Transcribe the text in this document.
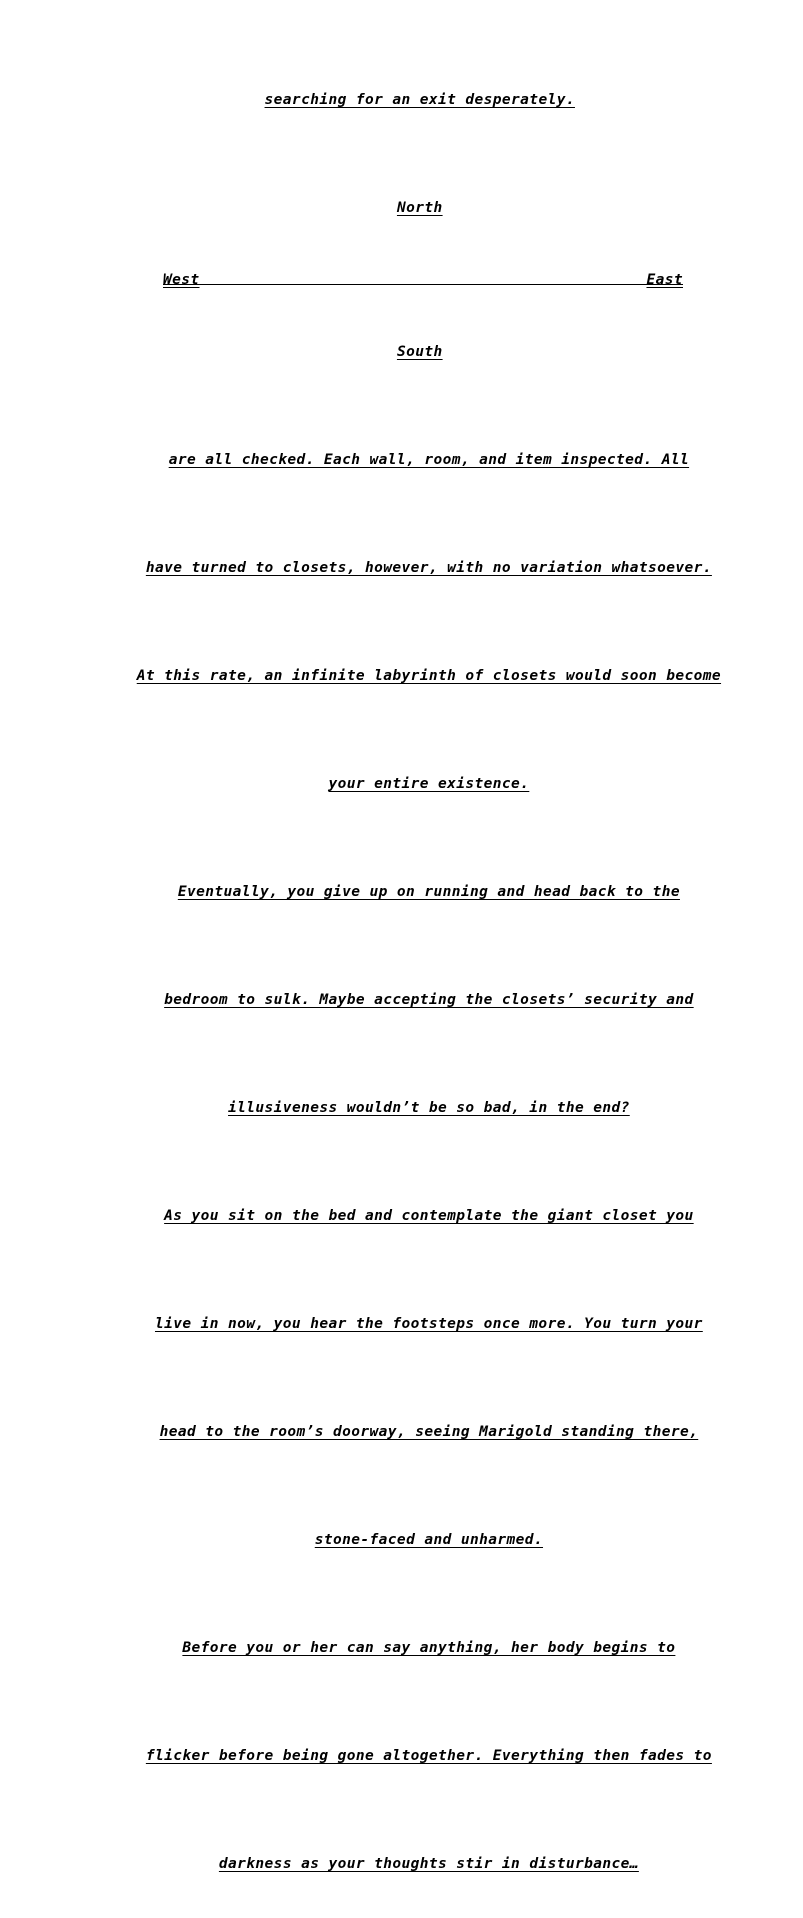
searching for an exit desperately.

North

West

	East

South

are all checked. Each wall, room, and item inspected. All

have turned to closets, however, with no variation whatsoever.

At this rate, an infinite labyrinth of closets would soon become

your entire existence.

Eventually, you give up on running and head back to the

bedroom to sulk. Maybe accepting the closets’ security and

illusiveness wouldn’t be so bad, in the end?

As you sit on the bed and contemplate the giant closet you

live in now, you hear the footsteps once more. You turn your

head to the room’s doorway, seeing Marigold standing there,

stone-faced and unharmed.

Before you or her can say anything, her body begins to

flicker before being gone altogether. Everything then fades to

darkness as your thoughts stir in disturbance…
